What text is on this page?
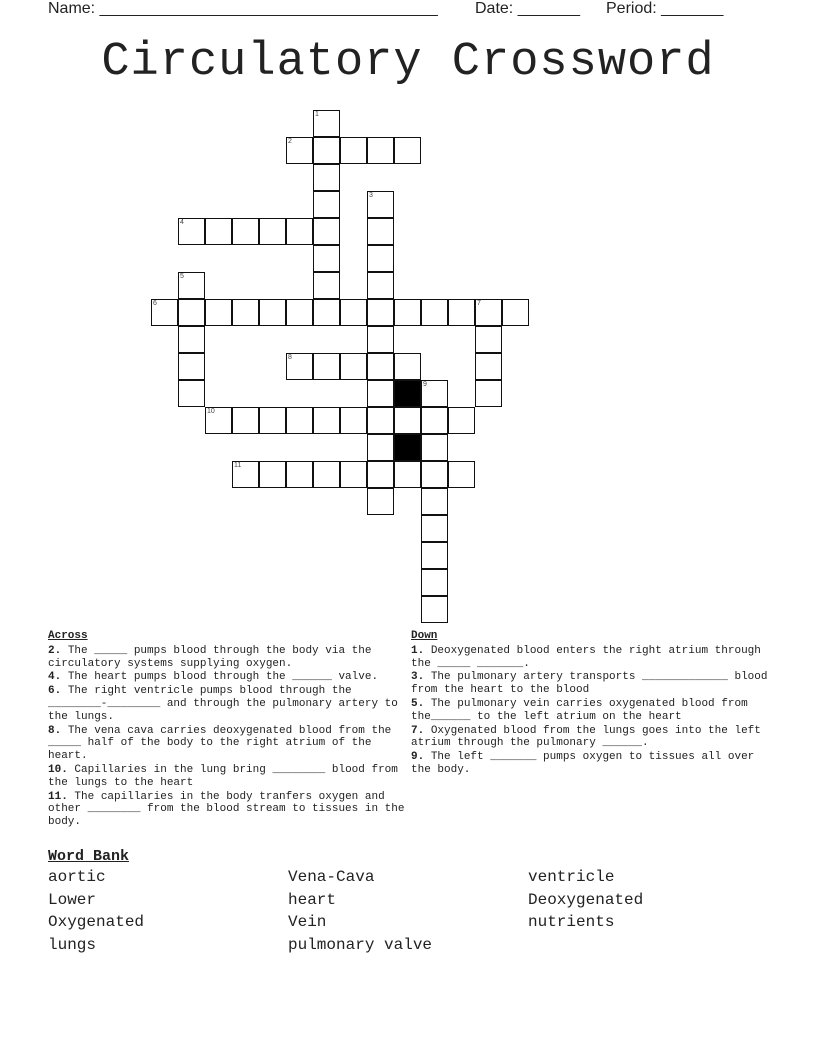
Name: ______________________________________ Date: _______ Period: _______
Circulatory Crossword
1
2
3
4
5
6	7
8
9
10
11
Across
2. The _____ pumps blood through the body via the circulatory systems supplying oxygen.
4. The heart pumps blood through the ______ valve.
6. The right ventricle pumps blood through the ________-________ and through the pulmonary artery to the lungs.
8. The vena cava carries deoxygenated blood from the _____ half of the body to the right atrium of the heart.
10. Capillaries in the lung bring ________ blood from the lungs to the heart
11. The capillaries in the body tranfers oxygen and other ________ from the blood stream to tissues in the body.
Down
1. Deoxygenated blood enters the right atrium through the _____ _______.
3. The pulmonary artery transports _____________ blood from the heart to the blood
5. The pulmonary vein carries oxygenated blood from the______ to the left atrium on the heart
7. Oxygenated blood from the lungs goes into the left atrium through the pulmonary ______.
9. The left _______ pumps oxygen to tissues all over the body.
Word Bank
aortic	Vena-Cava	ventricle
Lower	heart	Deoxygenated
Oxygenated	Vein	nutrients
lungs	pulmonary valve
